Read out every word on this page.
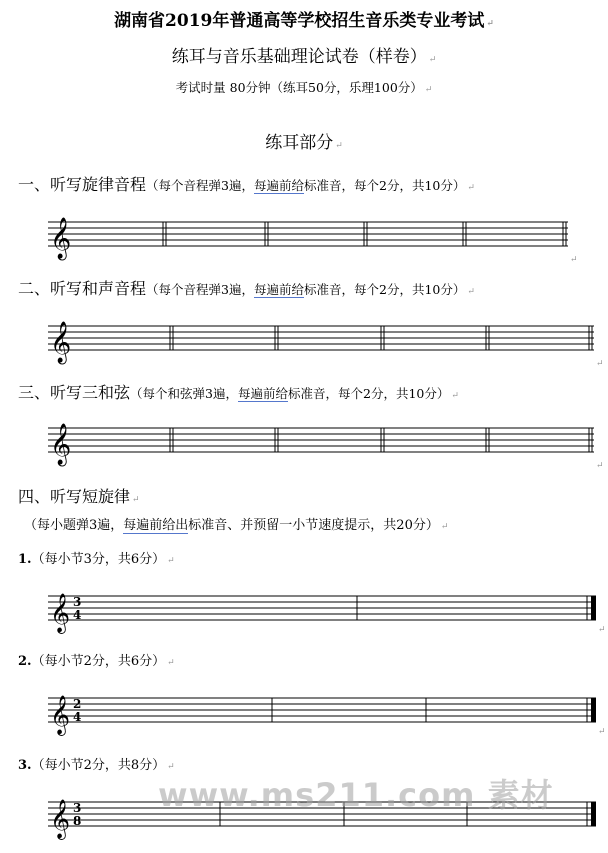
湖南省2019年普通高等学校招生音乐类专业考试 ↵
练耳与音乐基础理论试卷（样卷） ↵
考试时量 80分钟（练耳50分，乐理100分） ↵
练耳部分 ↵
一、听写旋律音程（每个音程弹3遍，每遍前给标准音，每个2分，共10分） ↵
𝄞
↵
二、听写和声音程（每个音程弹3遍，每遍前给标准音，每个2分，共10分） ↵
𝄞
↵
三、听写三和弦（每个和弦弹3遍，每遍前给标准音，每个2分，共10分） ↵
𝄞
↵
四、听写短旋律 ↵
（每小题弹3遍，每遍前给出标准音、并预留一小节速度提示，共20分） ↵
1.（每小节3分，共6分） ↵
𝄞 3
4
↵
2.（每小节2分，共6分） ↵
𝄞 2
4
↵
3.（每小节2分，共8分） ↵
𝄞 3
8
www.ms211.com 素材
